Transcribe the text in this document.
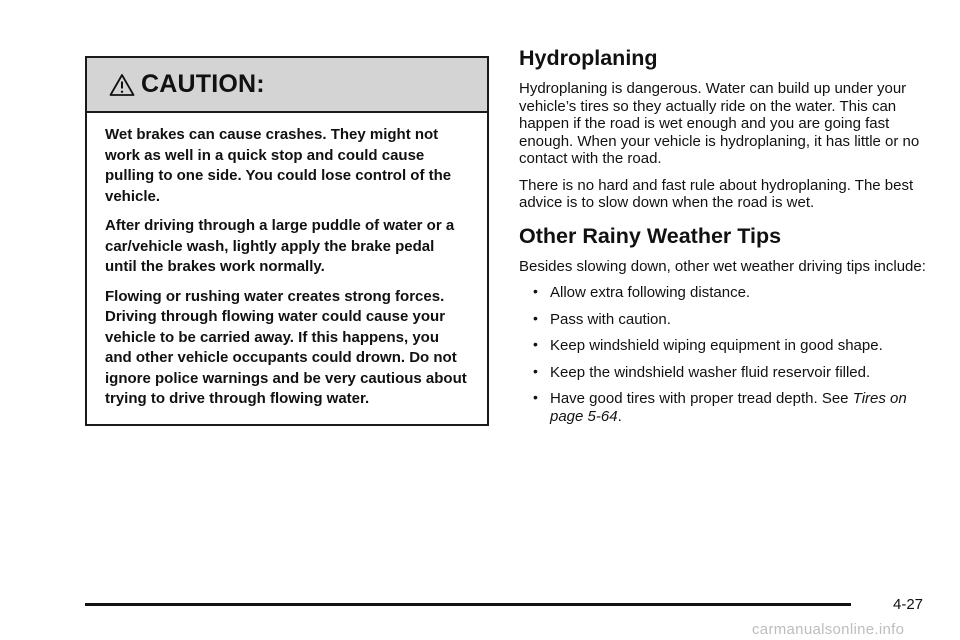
CAUTION:

Wet brakes can cause crashes. They might not work as well in a quick stop and could cause pulling to one side. You could lose control of the vehicle.

After driving through a large puddle of water or a car/vehicle wash, lightly apply the brake pedal until the brakes work normally.

Flowing or rushing water creates strong forces. Driving through flowing water could cause your vehicle to be carried away. If this happens, you and other vehicle occupants could drown. Do not ignore police warnings and be very cautious about trying to drive through flowing water.

Hydroplaning

Hydroplaning is dangerous. Water can build up under your vehicle’s tires so they actually ride on the water. This can happen if the road is wet enough and you are going fast enough. When your vehicle is hydroplaning, it has little or no contact with the road.

There is no hard and fast rule about hydroplaning. The best advice is to slow down when the road is wet.

Other Rainy Weather Tips

Besides slowing down, other wet weather driving tips include:

• Allow extra following distance.
• Pass with caution.
• Keep windshield wiping equipment in good shape.
• Keep the windshield washer fluid reservoir filled.
• Have good tires with proper tread depth. See Tires on page 5-64.
4-27
carmanualsonline.info
